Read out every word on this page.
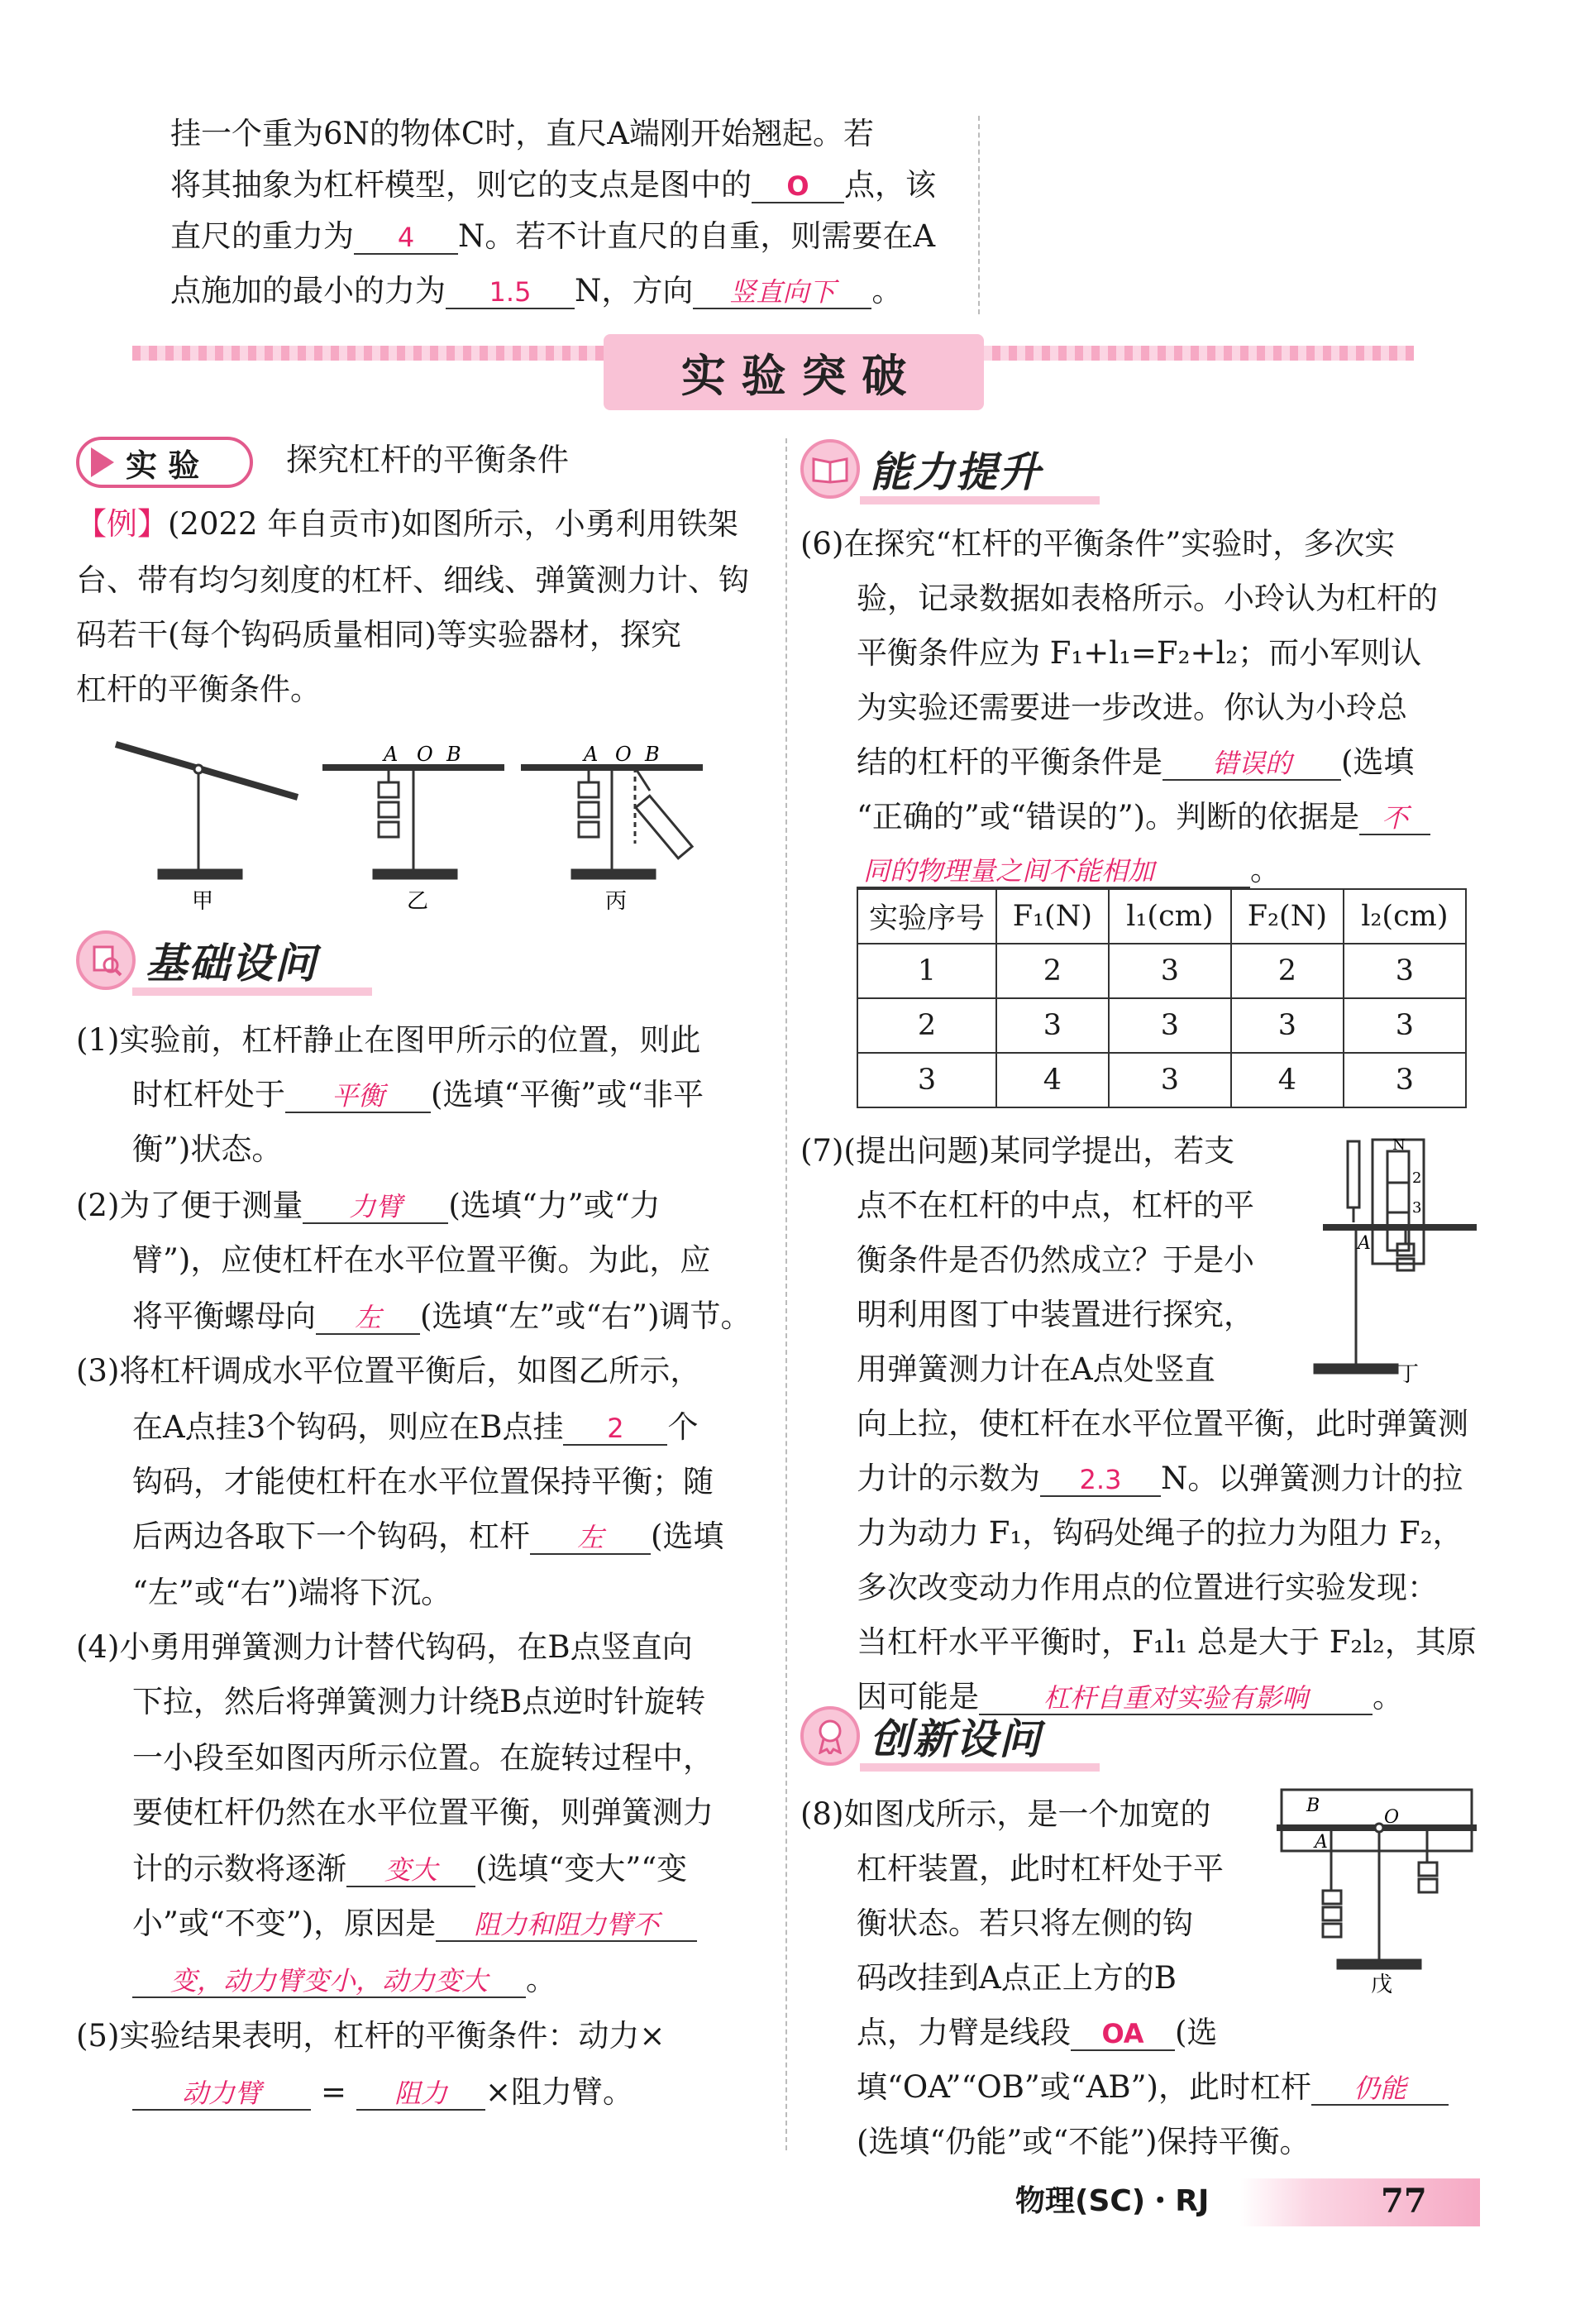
挂一个重为6N的物体C时，直尺A端刚开始翘起。若
将其抽象为杠杆模型，则它的支点是图中的 O 点，该
直尺的重力为 4 N。若不计直尺的自重，则需要在A
点施加的最小的力为 1.5 N，方向 竖直向下 。
实 验 突 破
实 验	探究杠杆的平衡条件
【例】(2022 年自贡市)如图所示，小勇利用铁架
台、带有均匀刻度的杠杆、细线、弹簧测力计、钩
码若干(每个钩码质量相同)等实验器材，探究
杠杆的平衡条件。
A O B	A O B
甲	乙	丙
基础设问
(1)实验前，杠杆静止在图甲所示的位置，则此
时杠杆处于 平衡 (选填“平衡”或“非平
衡”)状态。
(2)为了便于测量 力臂 (选填“力”或“力
臂”)，应使杠杆在水平位置平衡。为此，应
将平衡螺母向 左 (选填“左”或“右”)调节。
(3)将杠杆调成水平位置平衡后，如图乙所示，
在A点挂3个钩码，则应在B点挂 2 个
钩码，才能使杠杆在水平位置保持平衡；随
后两边各取下一个钩码，杠杆 左 (选填
“左”或“右”)端将下沉。
(4)小勇用弹簧测力计替代钩码，在B点竖直向
下拉，然后将弹簧测力计绕B点逆时针旋转
一小段至如图丙所示位置。在旋转过程中，
要使杠杆仍然在水平位置平衡，则弹簧测力
计的示数将逐渐 变大 (选填“变大”“变
小”或“不变”)，原因是 阻力和阻力臂不
变，动力臂变小，动力变大 。
(5)实验结果表明，杠杆的平衡条件：动力×
动力臂 = 阻力 ×阻力臂。
能力提升
(6)在探究“杠杆的平衡条件”实验时，多次实
验，记录数据如表格所示。小玲认为杠杆的
平衡条件应为 F₁+l₁=F₂+l₂；而小军则认
为实验还需要进一步改进。你认为小玲总
结的杠杆的平衡条件是 错误的 (选填
“正确的”或“错误的”)。判断的依据是 不
同的物理量之间不能相加	。
实验序号	F₁(N)	l₁(cm)	F₂(N)	l₂(cm)
1	2	3	2	3
2	3	3	3	3
3	4	3	4	3
(7)(提出问题)某同学提出，若支
点不在杠杆的中点，杠杆的平
衡条件是否仍然成立？于是小
明利用图丁中装置进行探究，
用弹簧测力计在A点处竖直
向上拉，使杠杆在水平位置平衡，此时弹簧测
力计的示数为 2.3 N。以弹簧测力计的拉
力为动力 F₁，钩码处绳子的拉力为阻力 F₂，
多次改变动力作用点的位置进行实验发现：
当杠杆水平平衡时，F₁l₁ 总是大于 F₂l₂，其原
因可能是 杠杆自重对实验有影响 。
N
2
3
A
丁
创新设问
(8)如图戊所示，是一个加宽的
杠杆装置，此时杠杆处于平
衡状态。若只将左侧的钩
码改挂到A点正上方的B
点，力臂是线段 OA (选
填“OA”“OB”或“AB”)，此时杠杆 仍能
(选填“仍能”或“不能”)保持平衡。
B
O
A
戊
物理(SC)・RJ	77
